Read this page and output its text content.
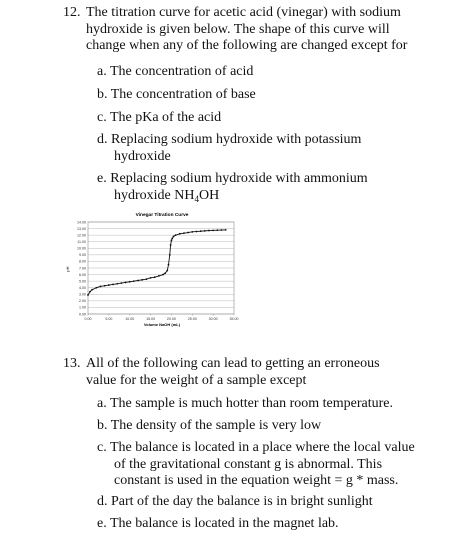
12. The titration curve for acetic acid (vinegar) with sodium
hydroxide is given below. The shape of this curve will
change when any of the following are changed except for
a. The concentration of acid
b. The concentration of base
c. The pKa of the acid
d. Replacing sodium hydroxide with potassium
hydroxide
e. Replacing sodium hydroxide with ammonium
hydroxide $NH_4OH$
Vinegar Titration Curve
pH
Volume NaOH (mL)
0.00
1.00
2.00
3.00
4.00
5.00
6.00
7.00
8.00
9.00
10.00
11.00
12.00
13.00
14.00
0.00	5.00	10.00	15.00	20.00	25.00	30.00	35.00
13. All of the following can lead to getting an erroneous
value for the weight of a sample except
a. The sample is much hotter than room temperature.
b. The density of the sample is very low
c. The balance is located in a place where the local value
of the gravitational constant g is abnormal. This
constant is used in the equation weight = g * mass.
d. Part of the day the balance is in bright sunlight
e. The balance is located in the magnet lab.
